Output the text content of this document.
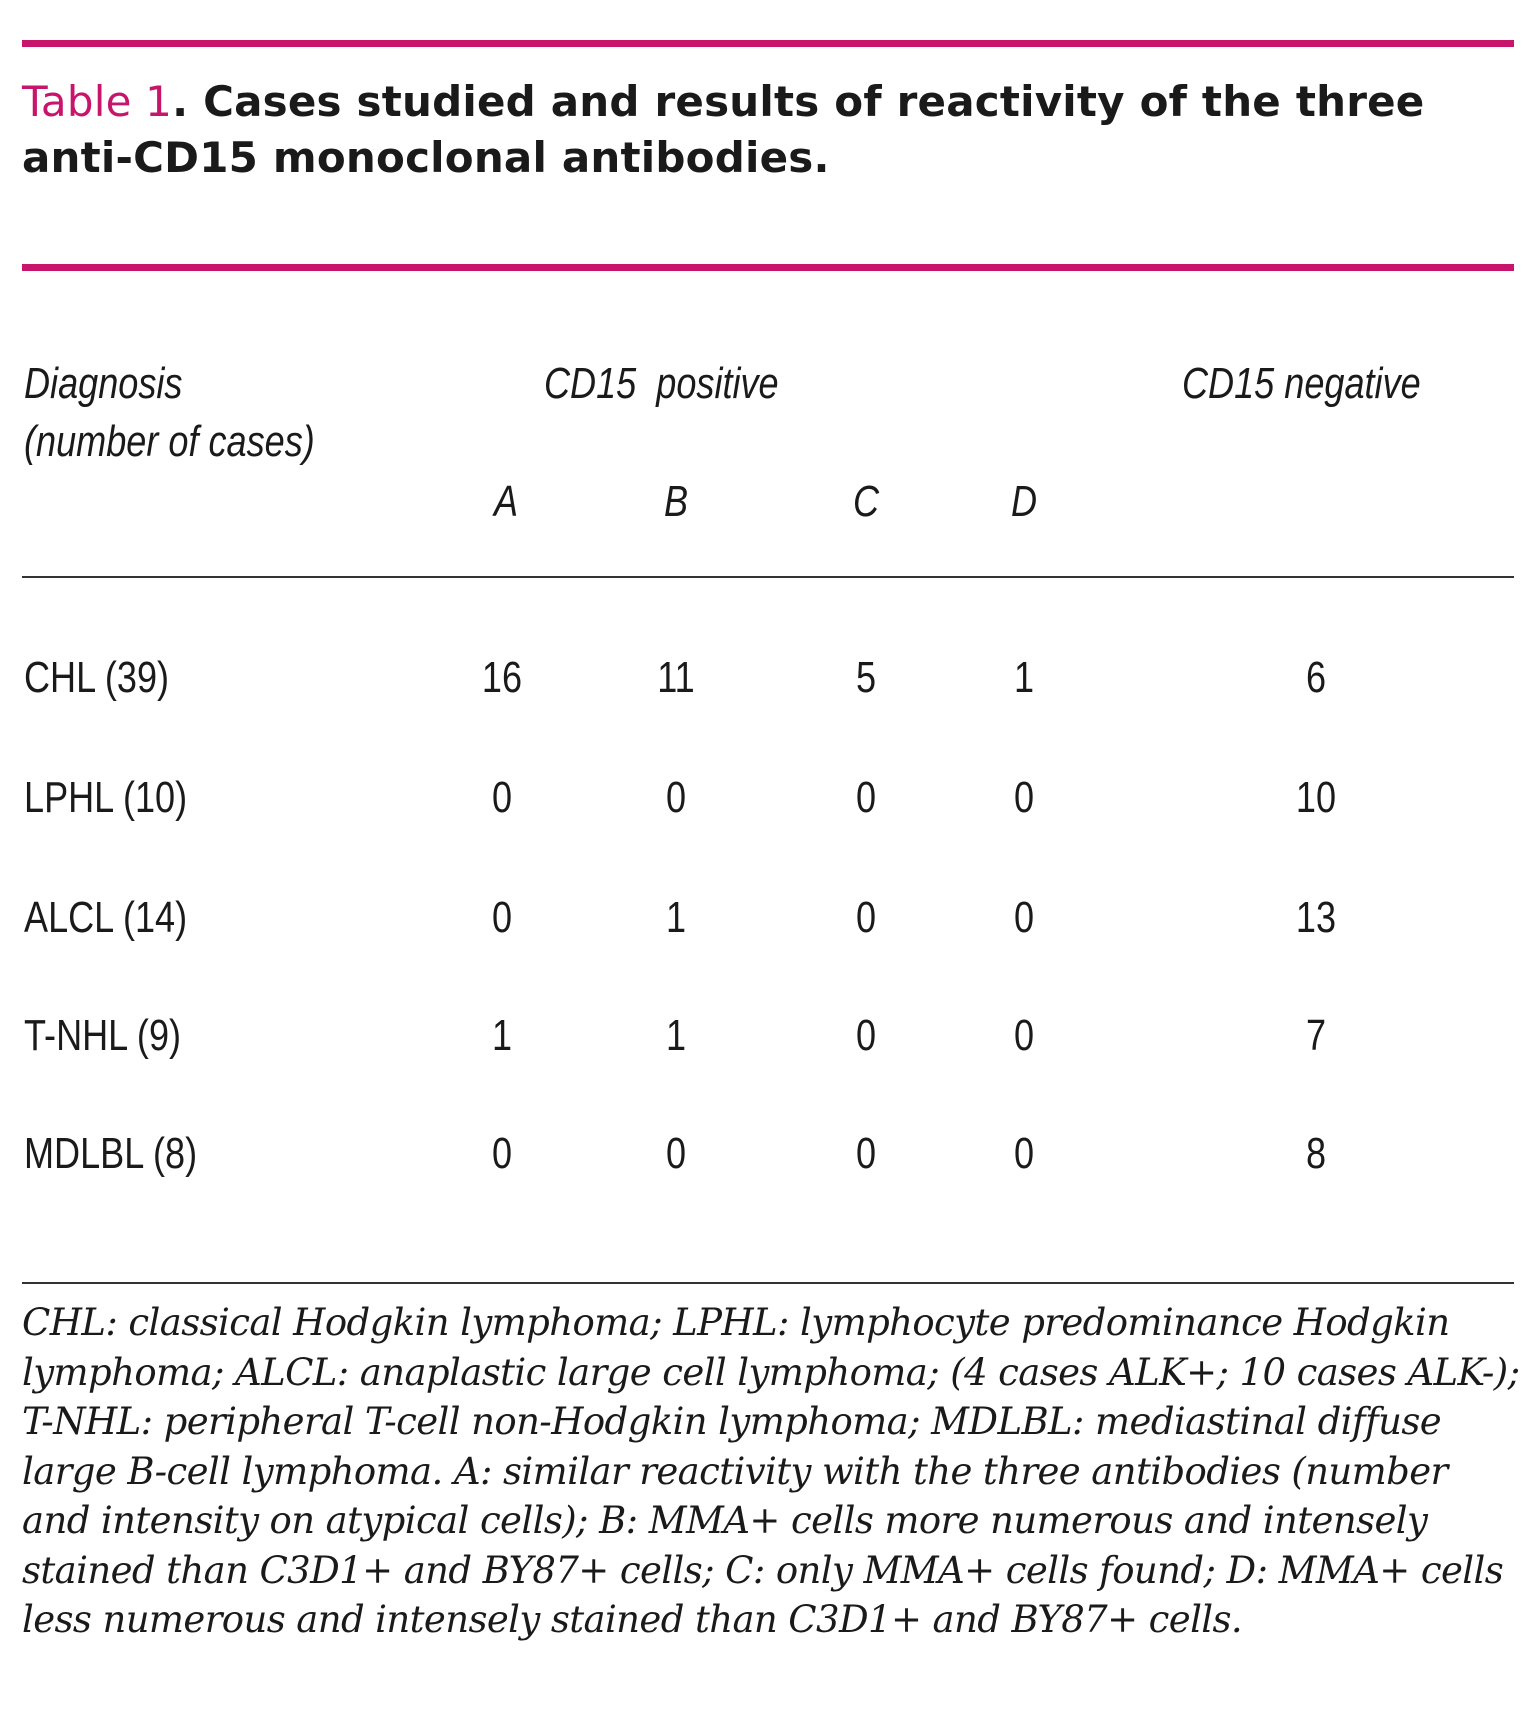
Table 1. Cases studied and results of reactivity of the three anti-CD15 monoclonal antibodies.
Diagnosis
(number of cases)
CD15  positive	CD15 negative
A	B	C	D
CHL (39)	16	11	5	1	6
LPHL (10)	0	0	0	0	10
ALCL (14)	0	1	0	0	13
T-NHL (9)	1	1	0	0	7
MDLBL (8)	0	0	0	0	8
CHL: classical Hodgkin lymphoma; LPHL: lymphocyte predominance Hodgkin lymphoma; ALCL: anaplastic large cell lymphoma; (4 cases ALK+; 10 cases ALK-); T-NHL: peripheral T-cell non-Hodgkin lymphoma; MDLBL: mediastinal diffuse large B-cell lymphoma. A: similar reactivity with the three antibodies (number and intensity on atypical cells); B: MMA+ cells more numerous and intensely stained than C3D1+ and BY87+ cells; C: only MMA+ cells found; D: MMA+ cells less numerous and intensely stained than C3D1+ and BY87+ cells.
